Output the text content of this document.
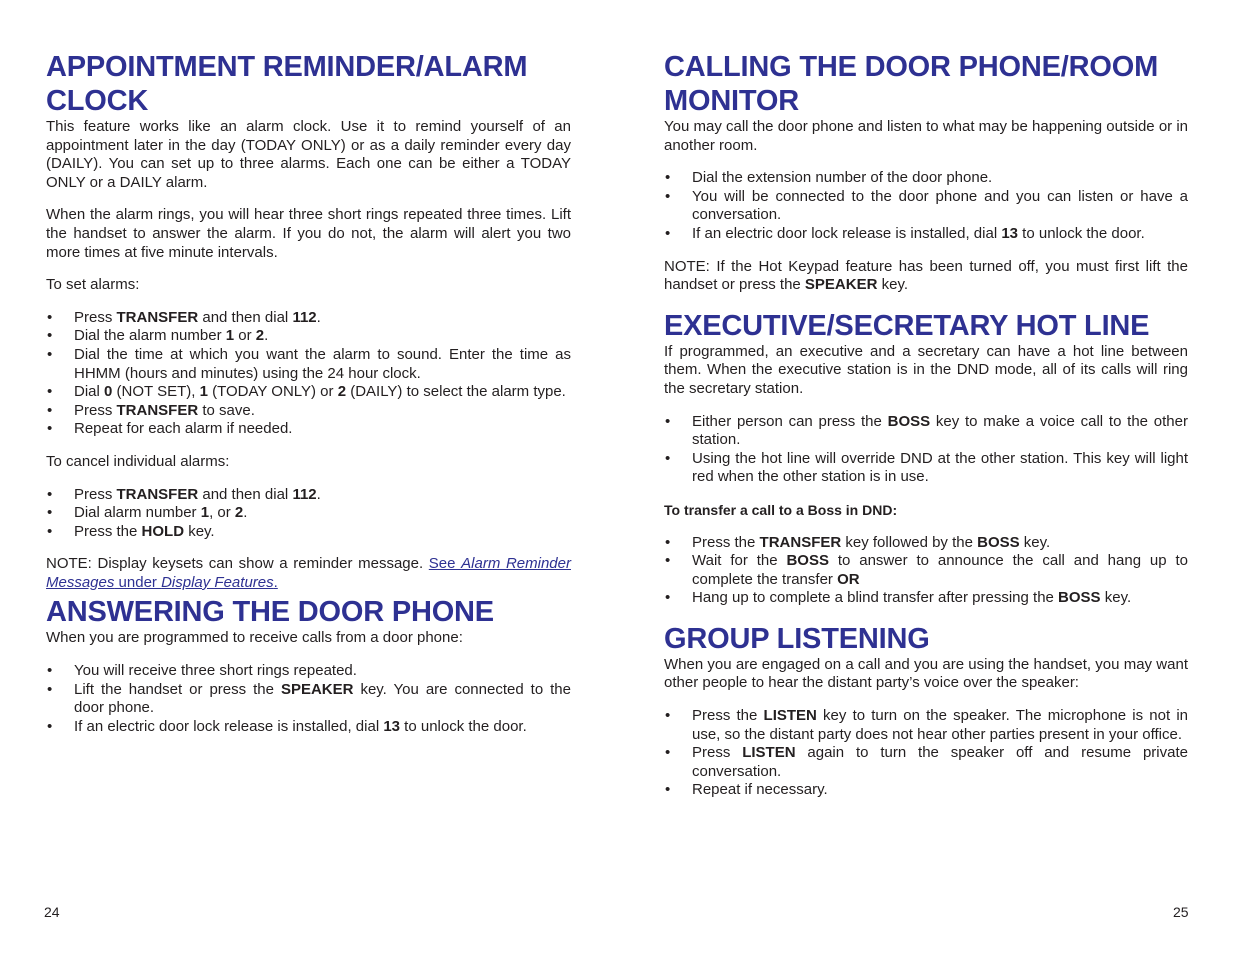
APPOINTMENT REMINDER/ALARM CLOCK

This feature works like an alarm clock. Use it to remind yourself of an appointment later in the day (TODAY ONLY) or as a daily reminder every day (DAILY). You can set up to three alarms. Each one can be either a TODAY ONLY or a DAILY alarm.

When the alarm rings, you will hear three short rings repeated three times. Lift the handset to answer the alarm. If you do not, the alarm will alert you two more times at five minute intervals.

To set alarms:

• Press TRANSFER and then dial 112.
• Dial the alarm number 1 or 2.
• Dial the time at which you want the alarm to sound. Enter the time as HHMM (hours and minutes) using the 24 hour clock.
• Dial 0 (NOT SET), 1 (TODAY ONLY) or 2 (DAILY) to select the alarm type.
• Press TRANSFER to save.
• Repeat for each alarm if needed.

To cancel individual alarms:

• Press TRANSFER and then dial 112.
• Dial alarm number 1, or 2.
• Press the HOLD key.

NOTE: Display keysets can show a reminder message. See Alarm Reminder Messages under Display Features.

ANSWERING THE DOOR PHONE

When you are programmed to receive calls from a door phone:

• You will receive three short rings repeated.
• Lift the handset or press the SPEAKER key. You are connected to the door phone.
• If an electric door lock release is installed, dial 13 to unlock the door.
24
CALLING THE DOOR PHONE/ROOM MONITOR

You may call the door phone and listen to what may be happening outside or in another room.

• Dial the extension number of the door phone.
• You will be connected to the door phone and you can listen or have a conversation.
• If an electric door lock release is installed, dial 13 to unlock the door.

NOTE: If the Hot Keypad feature has been turned off, you must first lift the handset or press the SPEAKER key.

EXECUTIVE/SECRETARY HOT LINE

If programmed, an executive and a secretary can have a hot line between them. When the executive station is in the DND mode, all of its calls will ring the secretary station.

• Either person can press the BOSS key to make a voice call to the other station.
• Using the hot line will override DND at the other station. This key will light red when the other station is in use.

To transfer a call to a Boss in DND:

• Press the TRANSFER key followed by the BOSS key.
• Wait for the BOSS to answer to announce the call and hang up to complete the transfer OR
• Hang up to complete a blind transfer after pressing the BOSS key.
GROUP LISTENING

When you are engaged on a call and you are using the handset, you may want other people to hear the distant party’s voice over the speaker:

• Press the LISTEN key to turn on the speaker. The microphone is not in use, so the distant party does not hear other parties present in your office.
• Press LISTEN again to turn the speaker off and resume private conversation.
• Repeat if necessary.
25
